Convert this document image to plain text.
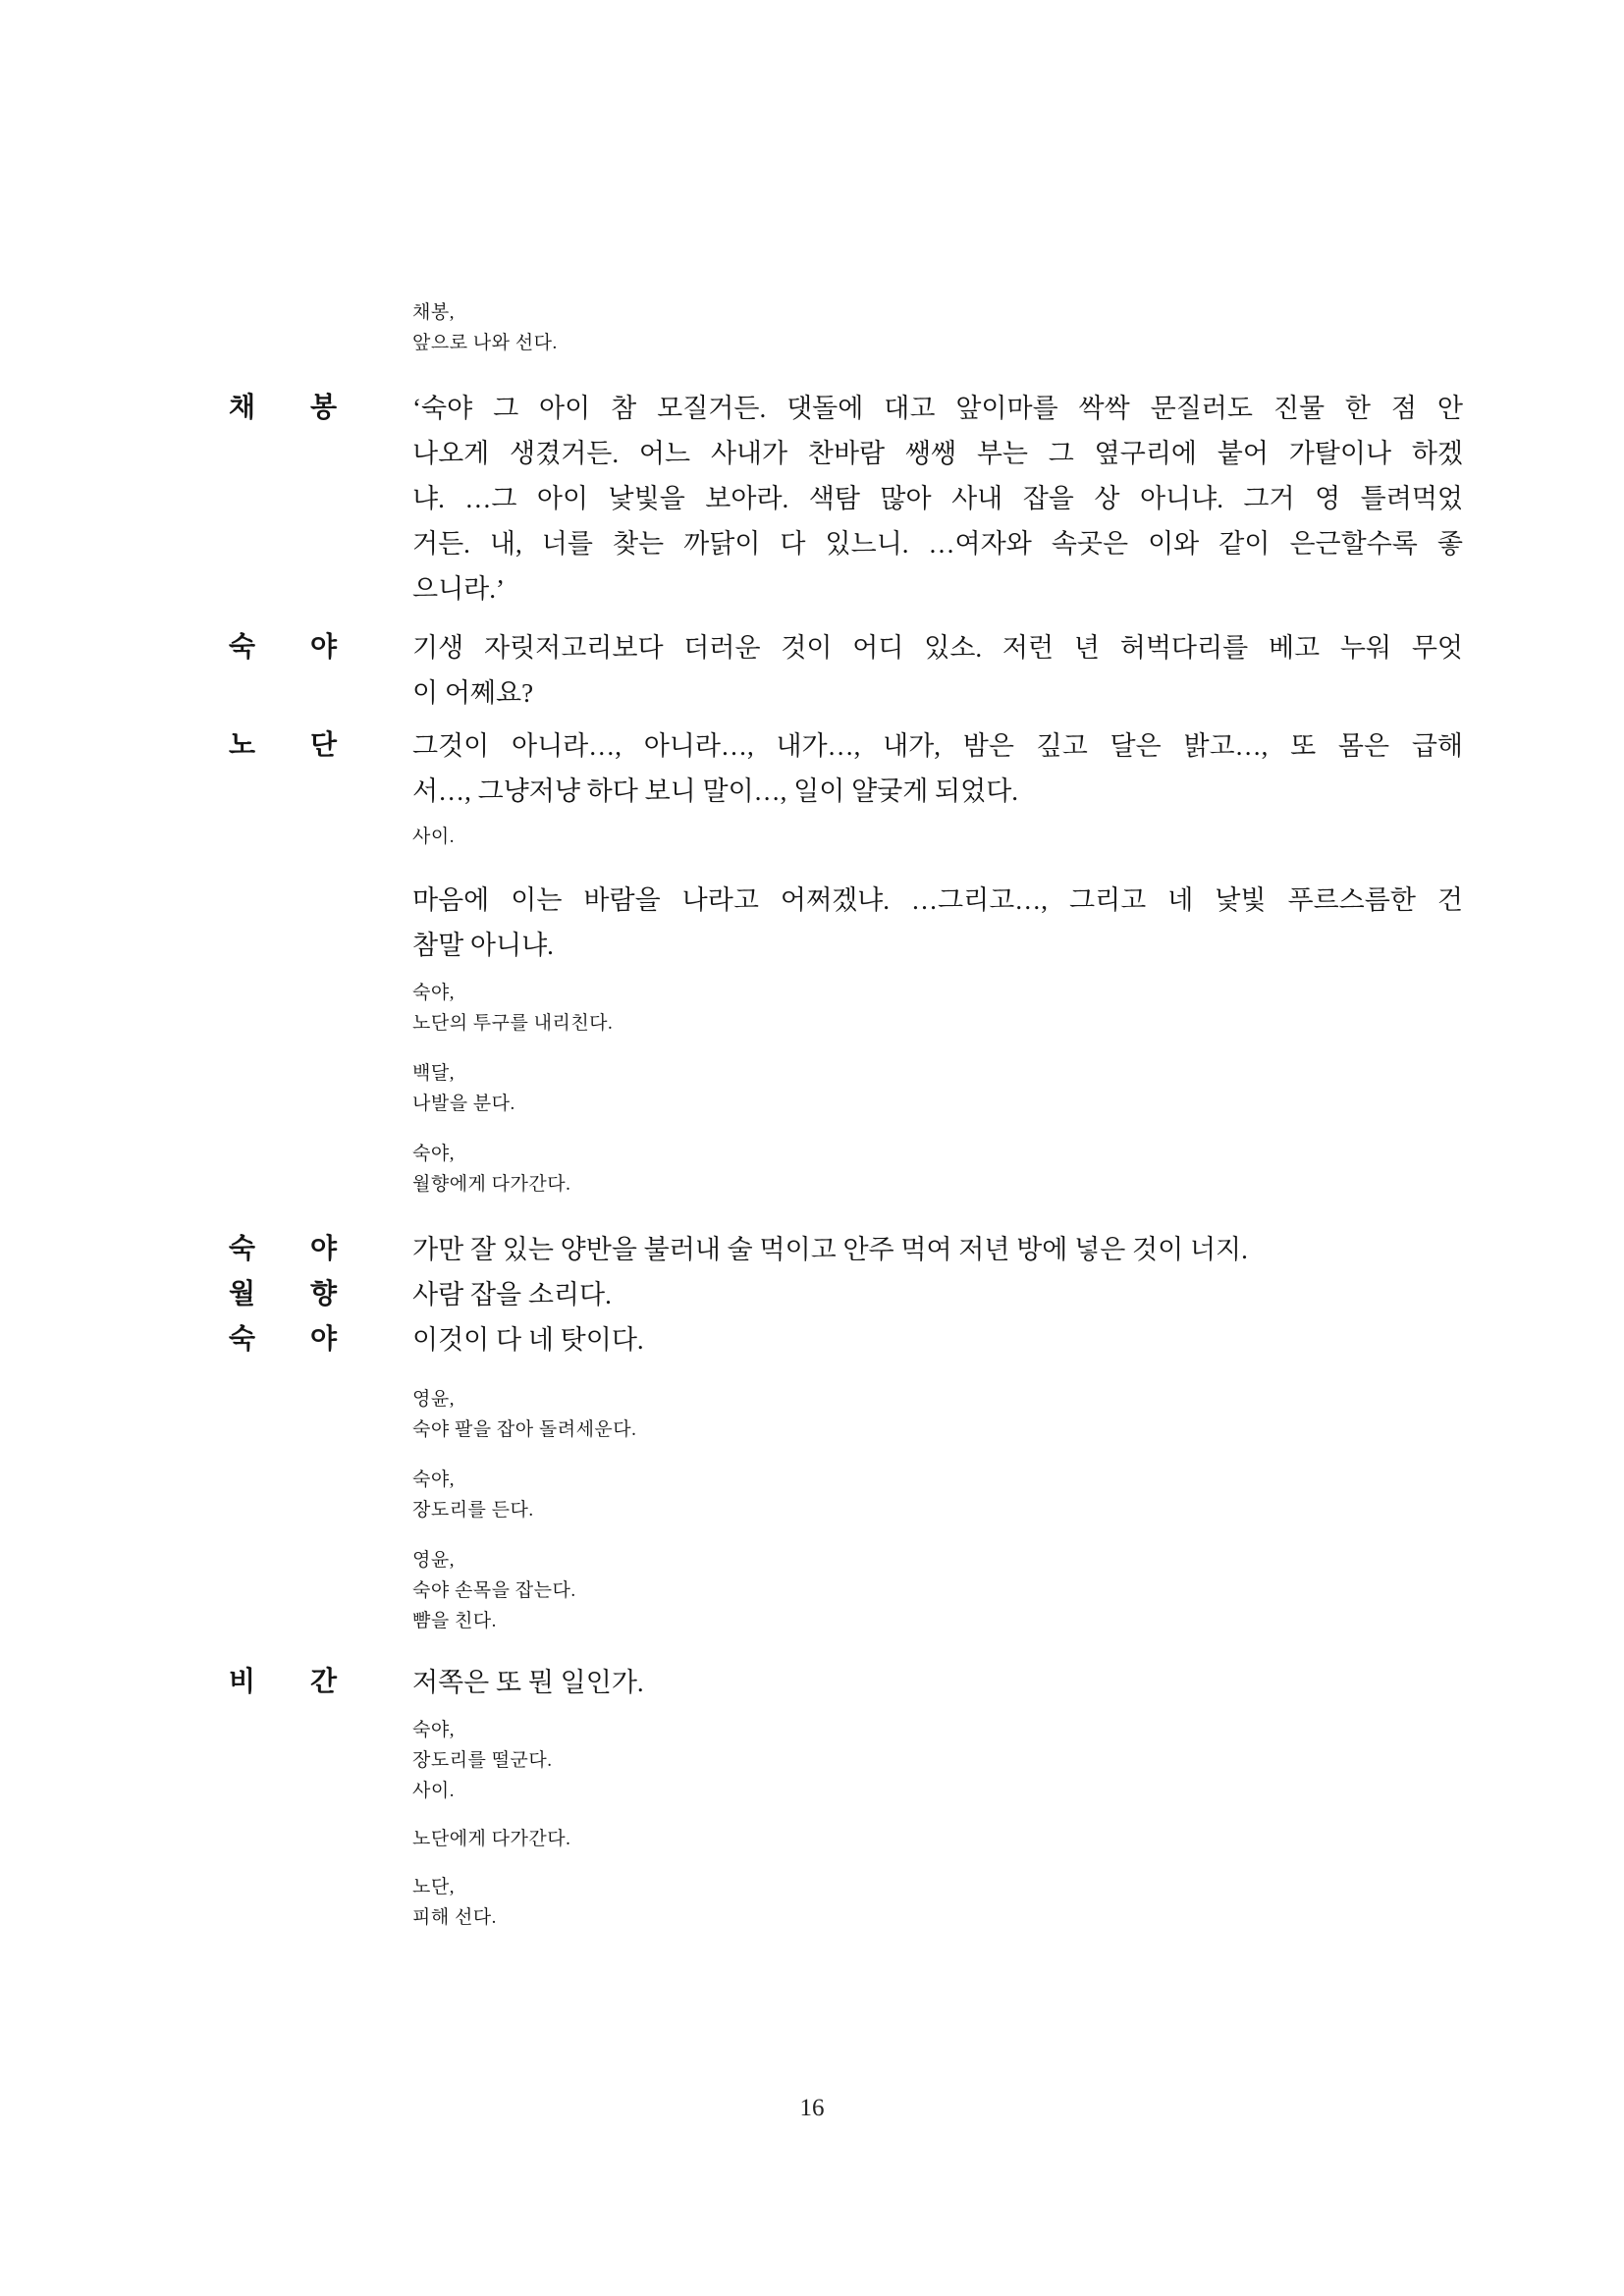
채봉,
앞으로 나와 선다.
채 봉	‘숙야 그 아이 참 모질거든. 댓돌에 대고 앞이마를 싹싹 문질러도 진물 한 점 안
나오게 생겼거든. 어느 사내가 찬바람 쌩쌩 부는 그 옆구리에 붙어 가탈이나 하겠
냐. …그 아이 낯빛을 보아라. 색탐 많아 사내 잡을 상 아니냐. 그거 영 틀려먹었
거든. 내, 너를 찾는 까닭이 다 있느니. …여자와 속곳은 이와 같이 은근할수록 좋
으니라.’
숙 야	기생 자릿저고리보다 더러운 것이 어디 있소. 저런 년 허벅다리를 베고 누워 무엇
이 어쩨요?
노 단	그것이 아니라…, 아니라…, 내가…, 내가, 밤은 깊고 달은 밝고…, 또 몸은 급해
서…, 그냥저냥 하다 보니 말이…, 일이 얄궂게 되었다.
사이.
마음에 이는 바람을 나라고 어쩌겠냐. …그리고…, 그리고 네 낯빛 푸르스름한 건
참말 아니냐.
숙야,
노단의 투구를 내리친다.
백달,
나발을 분다.
숙야,
월향에게 다가간다.
숙 야	가만 잘 있는 양반을 불러내 술 먹이고 안주 먹여 저년 방에 넣은 것이 너지.
월 향	사람 잡을 소리다.
숙 야	이것이 다 네 탓이다.
영윤,
숙야 팔을 잡아 돌려세운다.
숙야,
장도리를 든다.
영윤,
숙야 손목을 잡는다.
뺨을 친다.
비 간	저쪽은 또 뭔 일인가.
숙야,
장도리를 떨군다.
사이.
노단에게 다가간다.
노단,
피해 선다.
16
